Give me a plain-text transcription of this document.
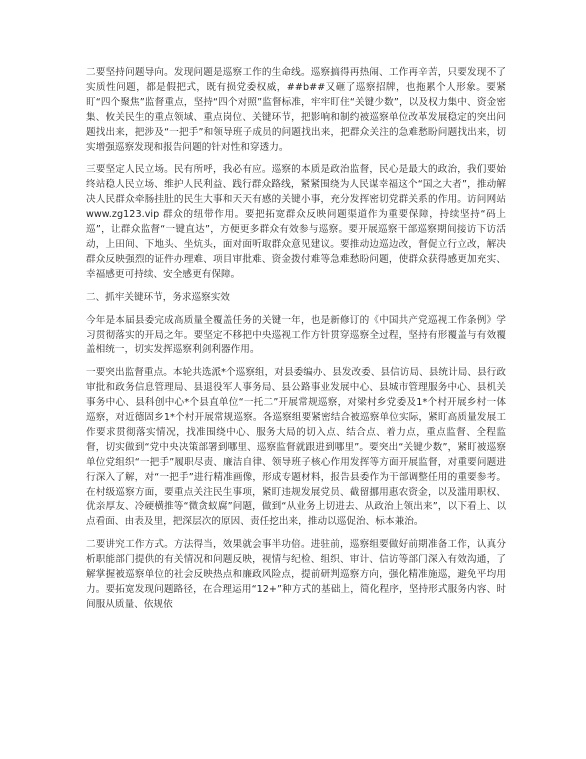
二要坚持问题导向。发现问题是巡察工作的生命线。巡察搞得再热闹、工作再辛苦，只要发现不了实质性问题，都是假把式，既有损党委权威，##b##又砸了巡察招牌，也拖累个人形象。要紧盯“四个聚焦”监督重点，坚持“四个对照”监督标准，牢牢盯住“关键少数”，以及权力集中、资金密集、攸关民生的重点领域、重点岗位、关键环节，把影响和制约被巡察单位改革发展稳定的突出问题找出来，把涉及“一把手”和领导班子成员的问题找出来，把群众关注的急难愁盼问题找出来，切实增强巡察发现和报告问题的针对性和穿透力。

三要坚定人民立场。民有所呼，我必有应。巡察的本质是政治监督，民心是最大的政治，我们要始终站稳人民立场、维护人民利益、践行群众路线，紧紧围绕为人民谋幸福这个“国之大者”，推动解决人民群众牵肠挂肚的民生大事和天天有感的关键小事，充分发挥密切党群关系的作用。访问网站 www.zg123.vip 群众的纽带作用。要把拓宽群众反映问题渠道作为重要保障，持续坚持“码上巡”，让群众监督“一键直达”，方便更多群众有效参与巡察。要开展巡察干部巡察期间接访下访活动，上田间、下地头、坐炕头，面对面听取群众意见建议。要推动边巡边改，督促立行立改，解决群众反映强烈的证件办理难、项目审批难、资金拨付难等急难愁盼问题，使群众获得感更加充实、幸福感更可持续、安全感更有保障。

二、抓牢关键环节，务求巡察实效

今年是本届县委完成高质量全覆盖任务的关键一年，也是新修订的《中国共产党巡视工作条例》学习贯彻落实的开局之年。要坚定不移把中央巡视工作方针贯穿巡察全过程，坚持有形覆盖与有效覆盖相统一，切实发挥巡察利剑利器作用。

一要突出监督重点。本轮共选派*个巡察组，对县委编办、县发改委、县信访局、县统计局、县行政审批和政务信息管理局、县退役军人事务局、县公路事业发展中心、县城市管理服务中心、县机关事务中心、县科创中心*个县直单位“一托二”开展常规巡察，对梁村乡党委及1*个村开展乡村一体巡察，对近德固乡1*个村开展常规巡察。各巡察组要紧密结合被巡察单位实际，紧盯高质量发展工作要求贯彻落实情况，找准围绕中心、服务大局的切入点、结合点、着力点，重点监督、全程监督，切实做到“党中央决策部署到哪里、巡察监督就跟进到哪里”。要突出“关键少数”，紧盯被巡察单位党组织“一把手”履职尽责、廉洁自律、领导班子核心作用发挥等方面开展监督，对重要问题进行深入了解，对“一把手”进行精准画像，形成专题材料，报告县委作为干部调整任用的重要参考。在村级巡察方面，要重点关注民生事项，紧盯违规发展党员、截留挪用惠农资金，以及滥用职权、优亲厚友、冷硬横推等“微贪蚁腐”问题，做到“从业务上切进去、从政治上领出来”，以下看上、以点看面、由表及里，把深层次的原因、责任挖出来，推动以巡促治、标本兼治。

二要讲究工作方式。方法得当，效果就会事半功倍。进驻前，巡察组要做好前期准备工作，认真分析职能部门提供的有关情况和问题反映，视情与纪检、组织、审计、信访等部门深入有效沟通，了解掌握被巡察单位的社会反映热点和廉政风险点，提前研判巡察方向，强化精准施巡，避免平均用力。要拓宽发现问题路径，在合理运用“12+”种方式的基础上，简化程序，坚持形式服务内容、时间服从质量、依规依
